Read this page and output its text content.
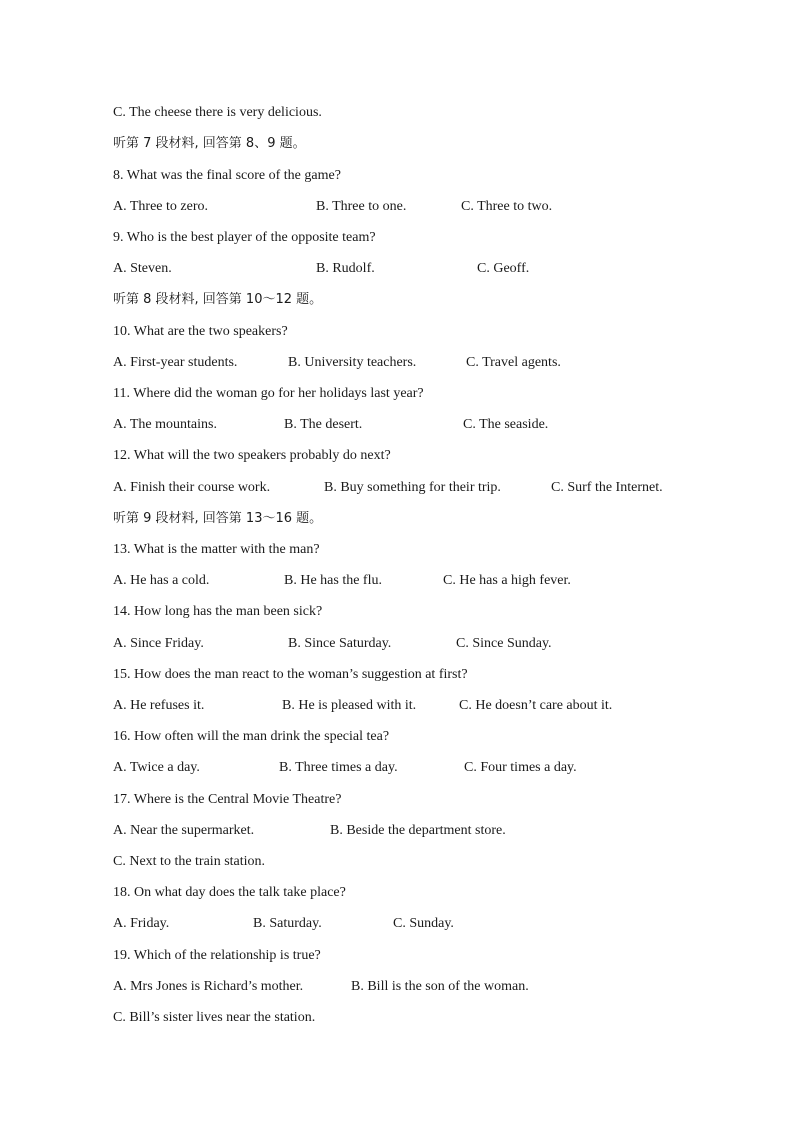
C. The cheese there is very delicious.
听第 7 段材料, 回答第 8、9 题。
8. What was the final score of the game?

A. Three to zero.

	B. Three to one.

	C. Three to two.

9. Who is the best player of the opposite team?

A. Steven.

	B. Rudolf.

	C. Geoff.

听第 8 段材料, 回答第 10～12 题。
10. What are the two speakers?

A. First-year students.

	B. University teachers.

	C. Travel agents.

11. Where did the woman go for her holidays last year?

A. The mountains.

	B. The desert.

	C. The seaside.

12. What will the two speakers probably do next?

A. Finish their course work.

	B. Buy something for their trip.

	C. Surf the Internet.

听第 9 段材料, 回答第 13～16 题。
13. What is the matter with the man?

A. He has a cold.

	B. He has the flu.

	C. He has a high fever.

14. How long has the man been sick?

A. Since Friday.

	B. Since Saturday.

	C. Since Sunday.

15. How does the man react to the woman’s suggestion at first?

A. He refuses it.

	B. He is pleased with it.

	C. He doesn’t care about it.

16. How often will the man drink the special tea?

A. Twice a day.

	B. Three times a day.

	C. Four times a day.

17. Where is the Central Movie Theatre?

A. Near the supermarket.

	B. Beside the department store.

C. Next to the train station.
18. On what day does the talk take place?

A. Friday.

	B. Saturday.

	C. Sunday.

19. Which of the relationship is true?

A. Mrs Jones is Richard’s mother.

	B. Bill is the son of the woman.

C. Bill’s sister lives near the station.
